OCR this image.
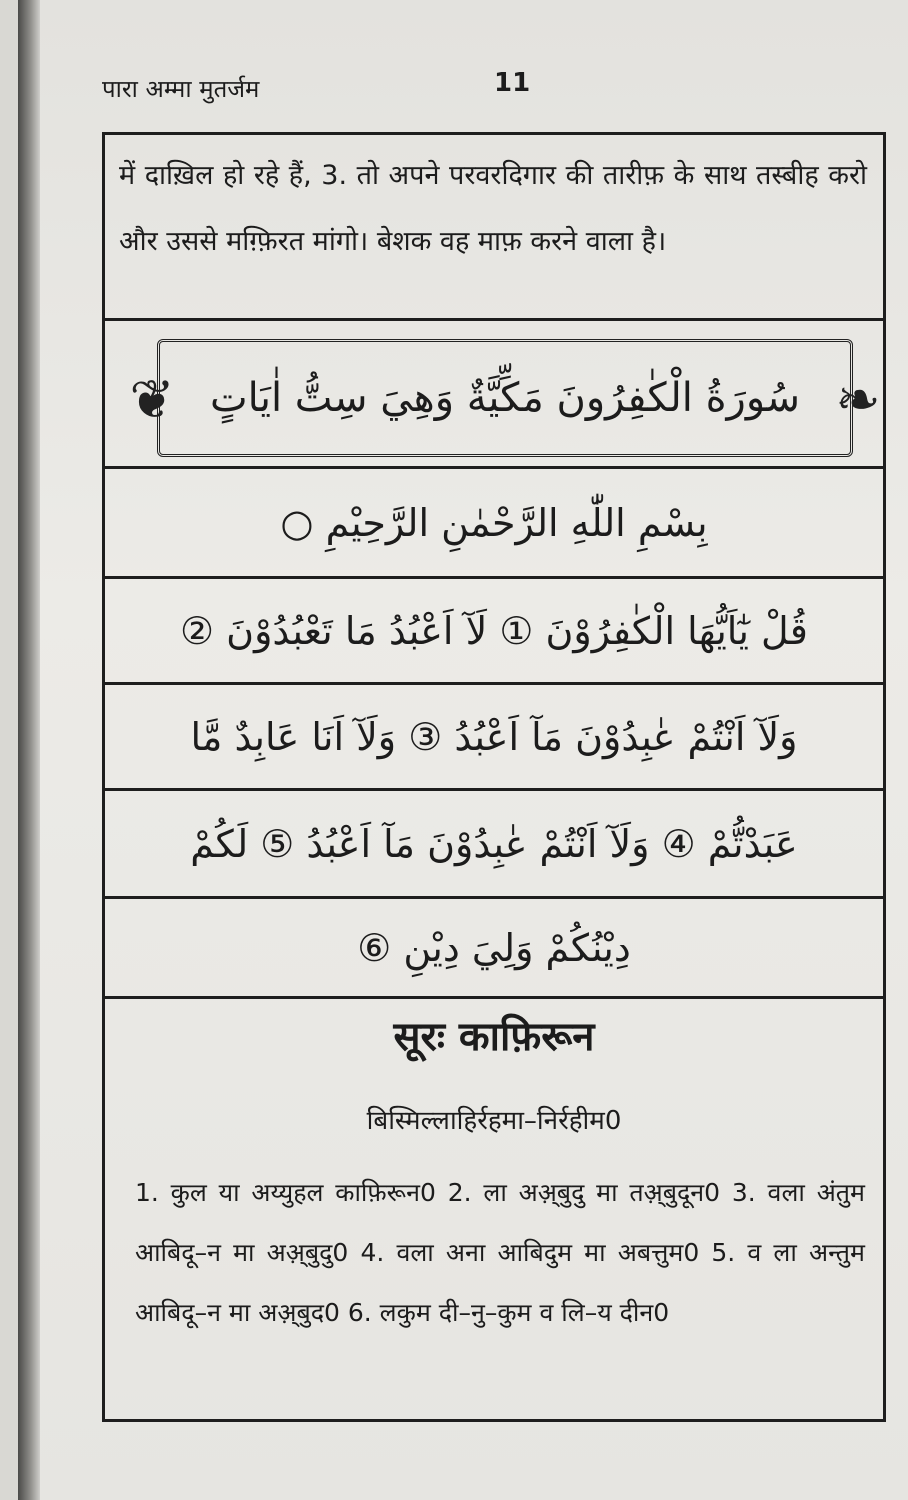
पारा अम्मा मुतर्जम	11
में दाख़िल हो रहे हैं, 3. तो अपने परवरदिगार की तारीफ़ के साथ तस्बीह करो और उससे मग़्फ़िरत मांगो। बेशक वह माफ़ करने वाला है।
❦ سُورَةُ الْكٰفِرُونَ مَكِّيَّةٌ وَهِيَ سِتُّ اٰيَاتٍ ❧
بِسْمِ اللّٰهِ الرَّحْمٰنِ الرَّحِيْمِ ○
قُلْ يٰٓاَيُّهَا الْكٰفِرُوْنَ ① لَآ اَعْبُدُ مَا تَعْبُدُوْنَ ②
وَلَآ اَنْتُمْ عٰبِدُوْنَ مَآ اَعْبُدُ ③ وَلَآ اَنَا عَابِدٌ مَّا
عَبَدْتُّمْ ④ وَلَآ اَنْتُمْ عٰبِدُوْنَ مَآ اَعْبُدُ ⑤ لَكُمْ
دِيْنُكُمْ وَلِيَ دِيْنِ ⑥
सूरः काफ़िरून
बिस्मिल्लाहिर्रहमा–निर्रहीम0
1. कुल या अय्युहल काफ़िरून0 2. ला अअ़्बुदु मा तअ़्बुदून0 3. वला अंतुम आबिदू–न मा अअ़्बुदु0 4. वला अना आबिदुम मा अबत्तुम0 5. व ला अन्तुम आबिदू–न मा अअ़्बुद0 6. लकुम दी–नु–कुम व लि–य दीन0
